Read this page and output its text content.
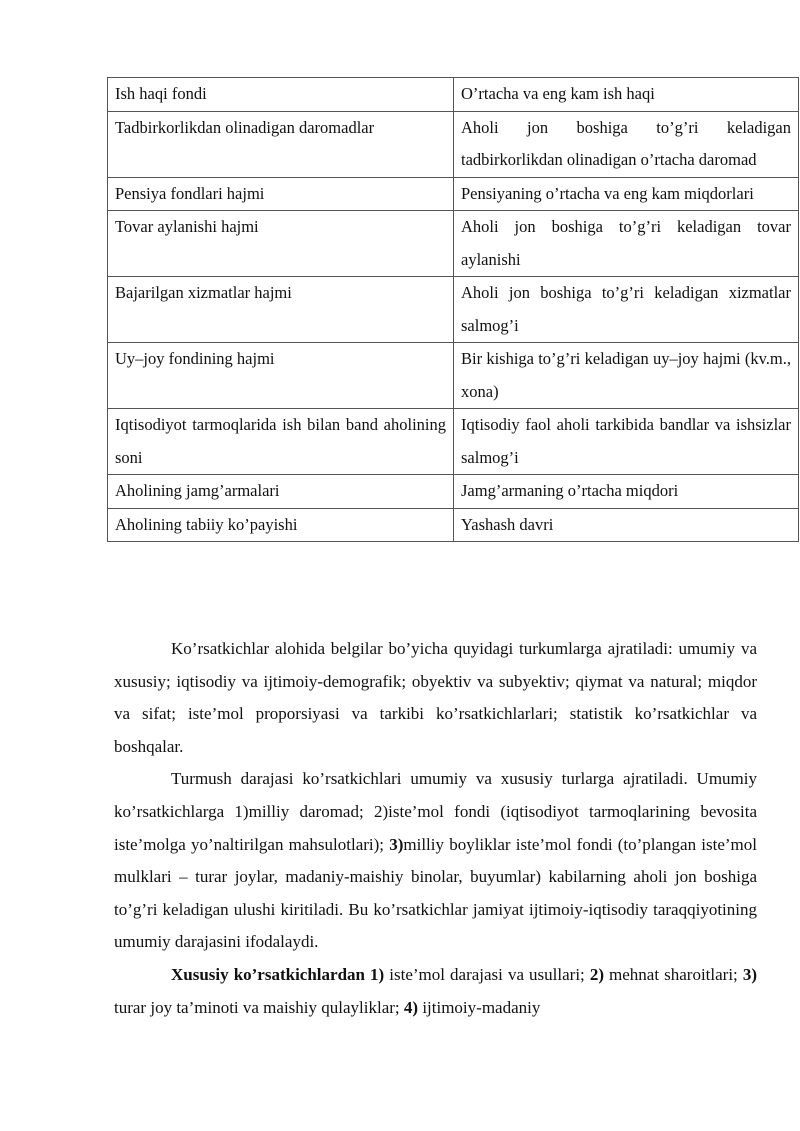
Ish haqi fondi	O’rtacha va eng kam ish haqi
Tadbirkorlikdan olinadigan daromadlar	Aholi jon boshiga to’g’ri keladigan tadbirkorlikdan olinadigan o’rtacha daromad
Pensiya fondlari hajmi	Pensiyaning o’rtacha va eng kam miqdorlari
Tovar aylanishi hajmi	Aholi jon boshiga to’g’ri keladigan tovar aylanishi
Bajarilgan xizmatlar hajmi	Aholi jon boshiga to’g’ri keladigan xizmatlar salmog’i
Uy–joy fondining hajmi	Bir kishiga to’g’ri keladigan uy–joy hajmi (kv.m., xona)
Iqtisodiyot tarmoqlarida ish bilan band aholining soni	Iqtisodiy faol aholi tarkibida bandlar va ishsizlar salmog’i
Aholining jamg’armalari	Jamg’armaning o’rtacha miqdori
Aholining tabiiy ko’payishi	Yashash davri

Ko’rsatkichlar alohida belgilar bo’yicha quyidagi turkumlarga ajratiladi: umumiy va xususiy; iqtisodiy va ijtimoiy-demografik; obyektiv va subyektiv; qiymat va natural; miqdor va sifat; iste’mol proporsiyasi va tarkibi ko’rsatkichlarlari; statistik ko’rsatkichlar va boshqalar.

Turmush darajasi ko’rsatkichlari umumiy va xususiy turlarga ajratiladi. Umumiy ko’rsatkichlarga 1)milliy daromad; 2)iste’mol fondi (iqtisodiyot tarmoqlarining bevosita iste’molga yo’naltirilgan mahsulotlari); 3)milliy boyliklar iste’mol fondi (to’plangan iste’mol mulklari – turar joylar, madaniy-maishiy binolar, buyumlar) kabilarning aholi jon boshiga to’g’ri keladigan ulushi kiritiladi. Bu ko’rsatkichlar jamiyat ijtimoiy-iqtisodiy taraqqiyotining umumiy darajasini ifodalaydi.

Xususiy ko’rsatkichlardan 1) iste’mol darajasi va usullari; 2) mehnat sharoitlari; 3) turar joy ta’minoti va maishiy qulayliklar; 4) ijtimoiy-madaniy
